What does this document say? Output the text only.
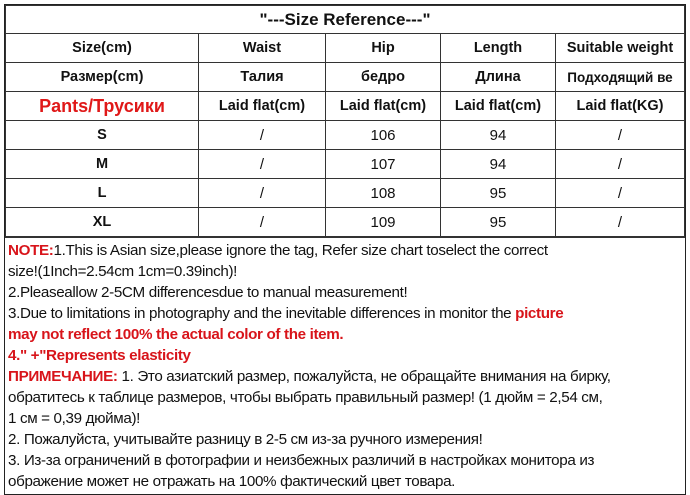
"---Size Reference---"				
Size(cm)	Waist	Hip	Length	Suitable weight
Размер(cm)	Талия	бедро	Длина	Подходящий ве
Pants/Трусики	Laid flat(cm)	Laid flat(cm)	Laid flat(cm)	Laid flat(KG)
S	/	106	94	/
M	/	107	94	/
L	/	108	95	/
XL	/	109	95	/
NOTE:1.This is Asian size,please ignore the tag, Refer size chart toselect the correct
size!(1Inch=2.54cm 1cm=0.39inch)!
2.Pleaseallow 2-5CM differencesdue to manual measurement!
3.Due to limitations in photography and the inevitable differences in monitor the picture
may not reflect 100% the actual color of the item.
4." +"Represents elasticity
ПРИМЕЧАНИЕ: 1. Это азиатский размер, пожалуйста, не обращайте внимания на бирку,
обратитесь к таблице размеров, чтобы выбрать правильный размер! (1 дюйм = 2,54 см,
1 см = 0,39 дюйма)!
2. Пожалуйста, учитывайте разницу в 2-5 см из-за ручного измерения!
3. Из-за ограничений в фотографии и неизбежных различий в настройках монитора из
ображение может не отражать на 100% фактический цвет товара.
